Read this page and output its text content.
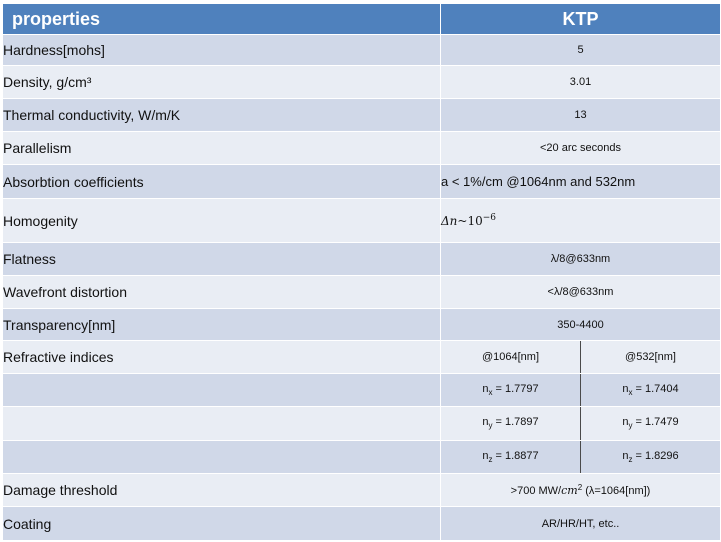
properties	KTP	
Hardness[mohs]	5	
Density, g/cm³	3.01	
Thermal conductivity, W/m/K	13	
Parallelism	<20 arc seconds	
Absorbtion coefficients	a < 1%/cm @1064nm and 532nm	
Homogenity	$\Delta n\sim 10^{-6}$
Flatness	λ/8@633nm	
Wavefront distortion	<λ/8@633nm	
Transparency[nm]	350-4400	
Refractive indices	@1064[nm]	@532[nm]
	$n_x = 1.7797$	$n_x = 1.7404$
	$n_y = 1.7897$	$n_y = 1.7479$
	$n_z = 1.8877$	$n_z = 1.8296$
Damage threshold	>700 $MW/cm^2$ (λ=1064[nm])	
Coating	AR/HR/HT, etc..	
